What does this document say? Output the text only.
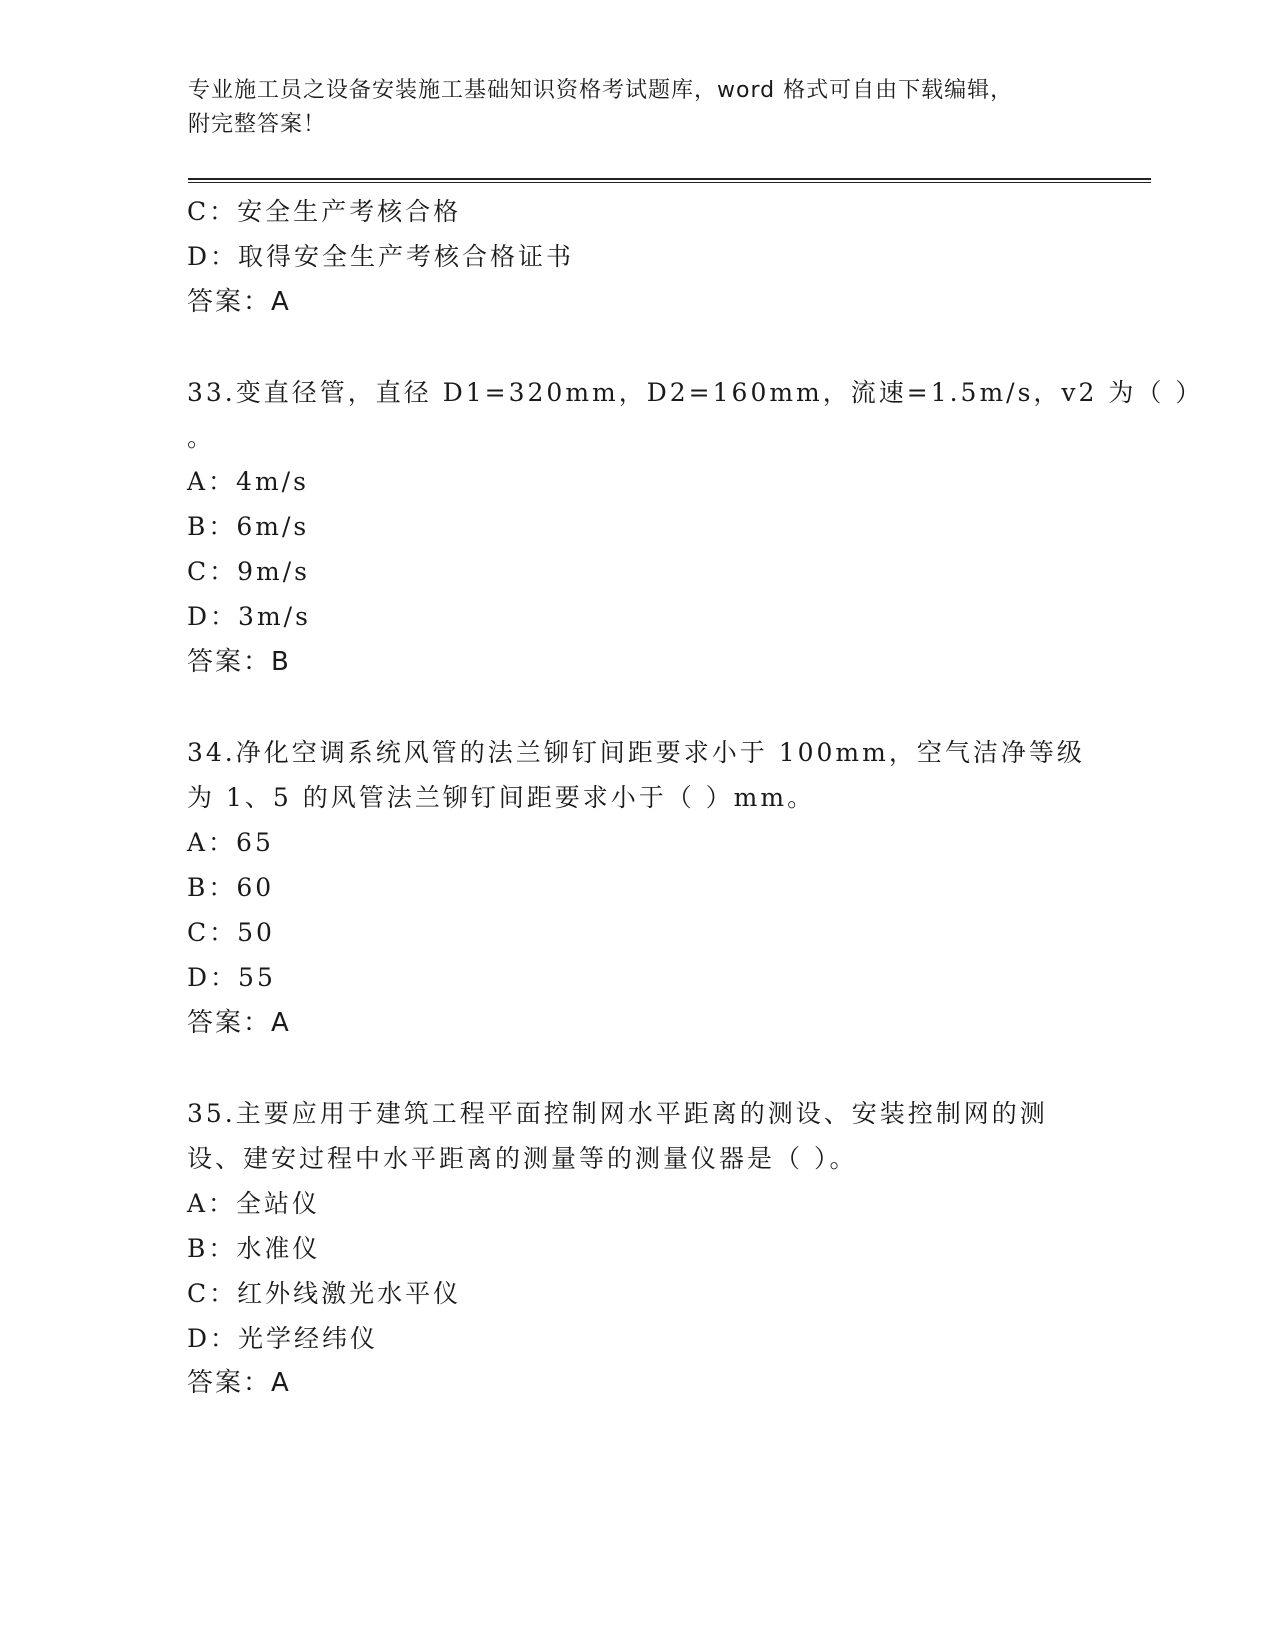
专业施工员之设备安装施工基础知识资格考试题库，word 格式可自由下载编辑，
附完整答案！
C：安全生产考核合格
D：取得安全生产考核合格证书
答案：A
33.变直径管，直径 D1=320mm，D2=160mm，流速=1.5m/s，v2 为（ ）
。
A：4m/s
B：6m/s
C：9m/s
D：3m/s
答案：B
34.净化空调系统风管的法兰铆钉间距要求小于 100mm，空气洁净等级
为 1、5 的风管法兰铆钉间距要求小于（ ）mm。
A：65
B：60
C：50
D：55
答案：A
35.主要应用于建筑工程平面控制网水平距离的测设、安装控制网的测
设、建安过程中水平距离的测量等的测量仪器是（ ）。
A：全站仪
B：水准仪
C：红外线激光水平仪
D：光学经纬仪
答案：A
